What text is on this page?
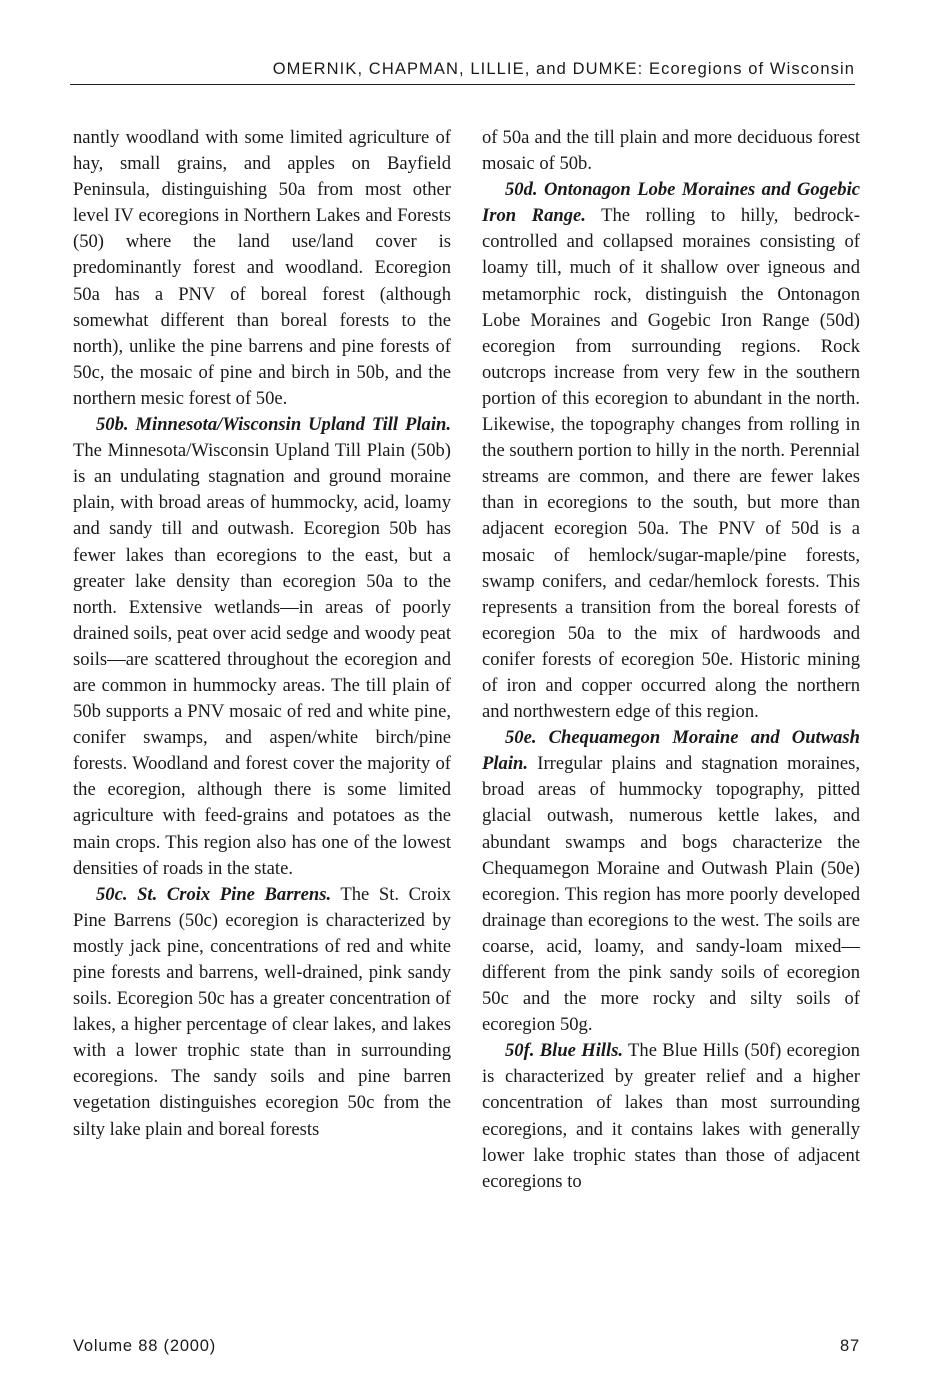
OMERNIK, CHAPMAN, LILLIE, and DUMKE: Ecoregions of Wisconsin

nantly woodland with some limited agriculture of hay, small grains, and apples on Bayfield Peninsula, distinguishing 50a from most other level IV ecoregions in Northern Lakes and Forests (50) where the land use/land cover is predominantly forest and woodland. Ecoregion 50a has a PNV of boreal forest (although somewhat different than boreal forests to the north), unlike the pine barrens and pine forests of 50c, the mosaic of pine and birch in 50b, and the northern mesic forest of 50e.

50b. Minnesota/Wisconsin Upland Till Plain. The Minnesota/Wisconsin Upland Till Plain (50b) is an undulating stagnation and ground moraine plain, with broad areas of hummocky, acid, loamy and sandy till and outwash. Ecoregion 50b has fewer lakes than ecoregions to the east, but a greater lake density than ecoregion 50a to the north. Extensive wetlands—in areas of poorly drained soils, peat over acid sedge and woody peat soils—are scattered throughout the ecoregion and are common in hummocky areas. The till plain of 50b supports a PNV mosaic of red and white pine, conifer swamps, and aspen/white birch/pine forests. Woodland and forest cover the majority of the ecoregion, although there is some limited agriculture with feed-grains and potatoes as the main crops. This region also has one of the lowest densities of roads in the state.

50c. St. Croix Pine Barrens. The St. Croix Pine Barrens (50c) ecoregion is characterized by mostly jack pine, concentrations of red and white pine forests and barrens, well-drained, pink sandy soils. Ecoregion 50c has a greater concentration of lakes, a higher percentage of clear lakes, and lakes with a lower trophic state than in surrounding ecoregions. The sandy soils and pine barren vegetation distinguishes ecoregion 50c from the silty lake plain and boreal forests

of 50a and the till plain and more deciduous forest mosaic of 50b.

50d. Ontonagon Lobe Moraines and Gogebic Iron Range. The rolling to hilly, bedrock-controlled and collapsed moraines consisting of loamy till, much of it shallow over igneous and metamorphic rock, distinguish the Ontonagon Lobe Moraines and Gogebic Iron Range (50d) ecoregion from surrounding regions. Rock outcrops increase from very few in the southern portion of this ecoregion to abundant in the north. Likewise, the topography changes from rolling in the southern portion to hilly in the north. Perennial streams are common, and there are fewer lakes than in ecoregions to the south, but more than adjacent ecoregion 50a. The PNV of 50d is a mosaic of hemlock/sugar-maple/pine forests, swamp conifers, and cedar/hemlock forests. This represents a transition from the boreal forests of ecoregion 50a to the mix of hardwoods and conifer forests of ecoregion 50e. Historic mining of iron and copper occurred along the northern and northwestern edge of this region.

50e. Chequamegon Moraine and Outwash Plain. Irregular plains and stagnation moraines, broad areas of hummocky topography, pitted glacial outwash, numerous kettle lakes, and abundant swamps and bogs characterize the Chequamegon Moraine and Outwash Plain (50e) ecoregion. This region has more poorly developed drainage than ecoregions to the west. The soils are coarse, acid, loamy, and sandy-loam mixed—different from the pink sandy soils of ecoregion 50c and the more rocky and silty soils of ecoregion 50g.

50f. Blue Hills. The Blue Hills (50f) ecoregion is characterized by greater relief and a higher concentration of lakes than most surrounding ecoregions, and it contains lakes with generally lower lake trophic states than those of adjacent ecoregions to

Volume 88 (2000)	87
